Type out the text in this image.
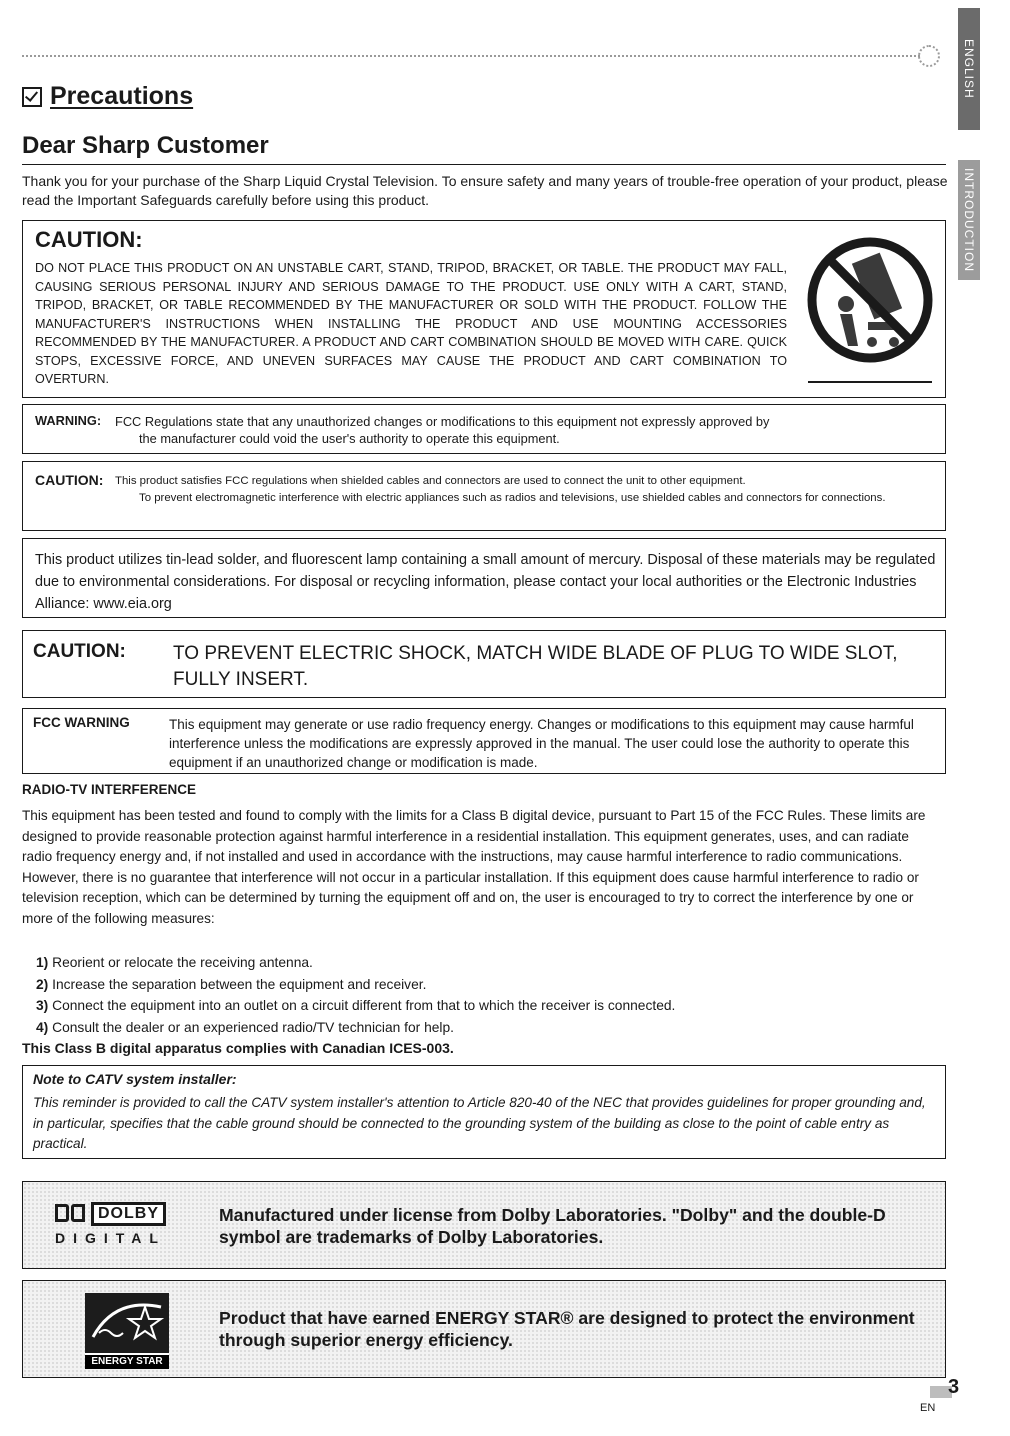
ENGLISH
INTRODUCTION
Precautions
Dear Sharp Customer
Thank you for your purchase of the Sharp Liquid Crystal Television. To ensure safety and many years of trouble-free operation of your product, please read the Important Safeguards carefully before using this product.
CAUTION:
DO NOT PLACE THIS PRODUCT ON AN UNSTABLE CART, STAND, TRIPOD, BRACKET, OR TABLE. THE PRODUCT MAY FALL, CAUSING SERIOUS PERSONAL INJURY AND SERIOUS DAMAGE TO THE PRODUCT. USE ONLY WITH A CART, STAND, TRIPOD, BRACKET, OR TABLE RECOMMENDED BY THE MANUFACTURER OR SOLD WITH THE PRODUCT. FOLLOW THE MANUFACTURER'S INSTRUCTIONS WHEN INSTALLING THE PRODUCT AND USE MOUNTING ACCESSORIES RECOMMENDED BY THE MANUFACTURER. A PRODUCT AND CART COMBINATION SHOULD BE MOVED WITH CARE. QUICK STOPS, EXCESSIVE FORCE, AND UNEVEN SURFACES MAY CAUSE THE PRODUCT AND CART COMBINATION TO OVERTURN.
WARNING: FCC Regulations state that any unauthorized changes or modifications to this equipment not expressly approved by
the manufacturer could void the user's authority to operate this equipment.
CAUTION: This product satisfies FCC regulations when shielded cables and connectors are used to connect the unit to other equipment.
To prevent electromagnetic interference with electric appliances such as radios and televisions, use shielded cables and connectors for connections.
This product utilizes tin-lead solder, and fluorescent lamp containing a small amount of mercury. Disposal of these materials may be regulated due to environmental considerations. For disposal or recycling information, please contact your local authorities or the Electronic Industries Alliance: www.eia.org
CAUTION: TO PREVENT ELECTRIC SHOCK, MATCH WIDE BLADE OF PLUG TO WIDE SLOT, FULLY INSERT.
FCC WARNING	This equipment may generate or use radio frequency energy. Changes or modifications to this equipment may cause harmful interference unless the modifications are expressly approved in the manual. The user could lose the authority to operate this equipment if an unauthorized change or modification is made.
RADIO-TV INTERFERENCE
This equipment has been tested and found to comply with the limits for a Class B digital device, pursuant to Part 15 of the FCC Rules. These limits are designed to provide reasonable protection against harmful interference in a residential installation. This equipment generates, uses, and can radiate radio frequency energy and, if not installed and used in accordance with the instructions, may cause harmful interference to radio communications. However, there is no guarantee that interference will not occur in a particular installation. If this equipment does cause harmful interference to radio or television reception, which can be determined by turning the equipment off and on, the user is encouraged to try to correct the interference by one or more of the following measures:
1) Reorient or relocate the receiving antenna.
2) Increase the separation between the equipment and receiver.
3) Connect the equipment into an outlet on a circuit different from that to which the receiver is connected.
4) Consult the dealer or an experienced radio/TV technician for help.
This Class B digital apparatus complies with Canadian ICES-003.
Note to CATV system installer:
This reminder is provided to call the CATV system installer's attention to Article 820-40 of the NEC that provides guidelines for proper grounding and, in particular, specifies that the cable ground should be connected to the grounding system of the building as close to the point of cable entry as practical.
DOLBY
DIGITAL
Manufactured under license from Dolby Laboratories. "Dolby" and the double-D symbol are trademarks of Dolby Laboratories.
ENERGY STAR
Product that have earned ENERGY STAR® are designed to protect the environment through superior energy efficiency.
3
EN
